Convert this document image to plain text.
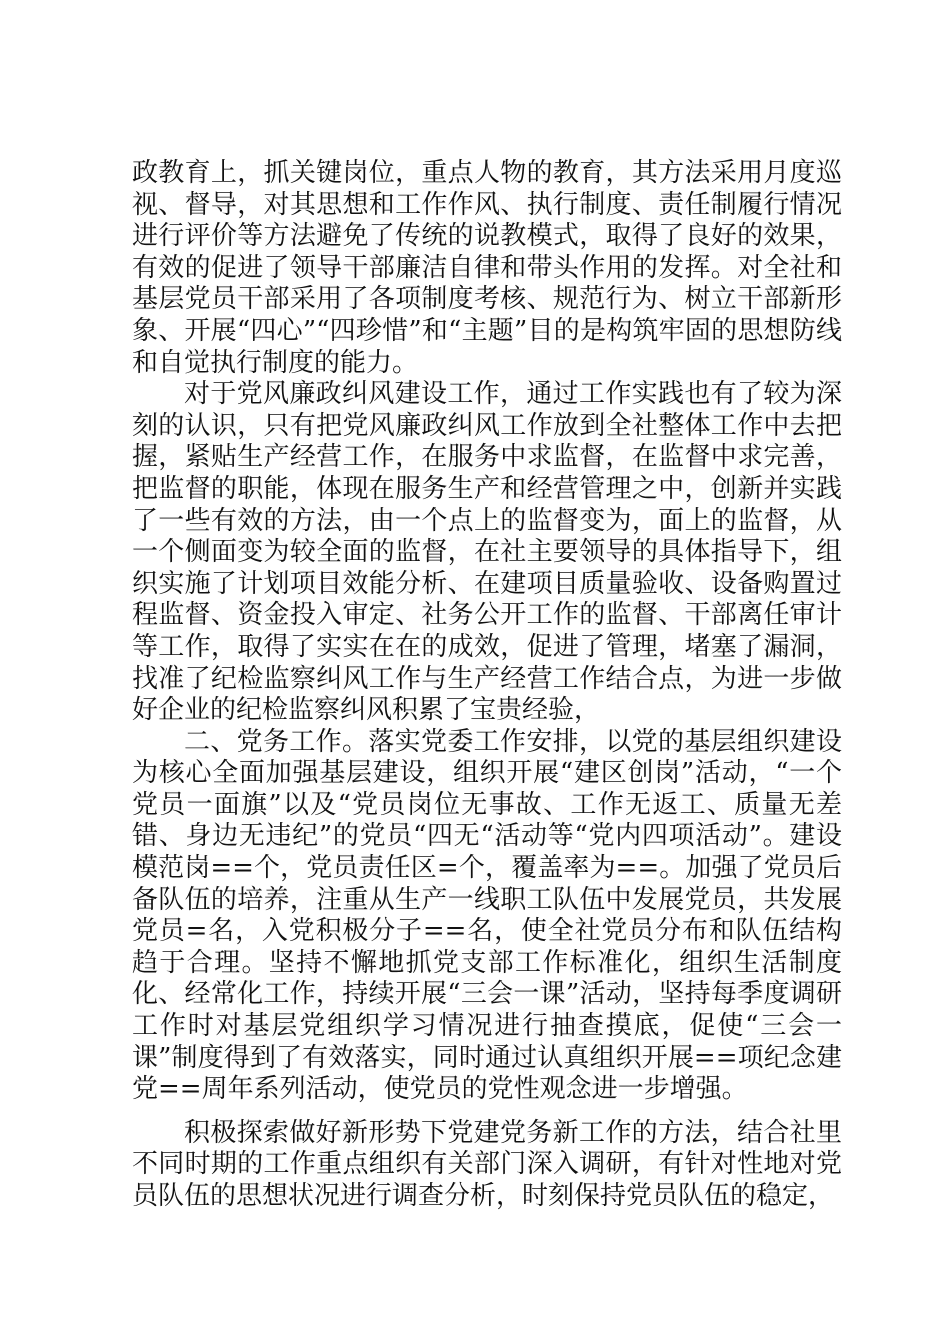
政教育上，抓关键岗位，重点人物的教育，其方法采用月度巡视、督导，对其思想和工作作风、执行制度、责任制履行情况进行评价等方法避免了传统的说教模式，取得了良好的效果，有效的促进了领导干部廉洁自律和带头作用的发挥。对全社和基层党员干部采用了各项制度考核、规范行为、树立干部新形象、开展“四心”“四珍惜”和“主题”目的是构筑牢固的思想防线和自觉执行制度的能力。

对于党风廉政纠风建设工作，通过工作实践也有了较为深刻的认识，只有把党风廉政纠风工作放到全社整体工作中去把握，紧贴生产经营工作，在服务中求监督，在监督中求完善，把监督的职能，体现在服务生产和经营管理之中，创新并实践了一些有效的方法，由一个点上的监督变为，面上的监督，从一个侧面变为较全面的监督，在社主要领导的具体指导下，组织实施了计划项目效能分析、在建项目质量验收、设备购置过程监督、资金投入审定、社务公开工作的监督、干部离任审计等工作，取得了实实在在的成效，促进了管理，堵塞了漏洞，找准了纪检监察纠风工作与生产经营工作结合点，为进一步做好企业的纪检监察纠风积累了宝贵经验，

二、党务工作。落实党委工作安排，以党的基层组织建设为核心全面加强基层建设，组织开展“建区创岗”活动，“一个党员一面旗”以及“党员岗位无事故、工作无返工、质量无差错、身边无违纪”的党员“四无“活动等“党内四项活动”。建设模范岗==个，党员责任区=个，覆盖率为==。加强了党员后备队伍的培养，注重从生产一线职工队伍中发展党员，共发展党员=名，入党积极分子==名，使全社党员分布和队伍结构趋于合理。坚持不懈地抓党支部工作标准化，组织生活制度化、经常化工作，持续开展“三会一课”活动，坚持每季度调研工作时对基层党组织学习情况进行抽查摸底，促使“三会一课”制度得到了有效落实，同时通过认真组织开展==项纪念建党==周年系列活动，使党员的党性观念进一步增强。

积极探索做好新形势下党建党务新工作的方法，结合社里不同时期的工作重点组织有关部门深入调研，有针对性地对党员队伍的思想状况进行调查分析，时刻保持党员队伍的稳定，
